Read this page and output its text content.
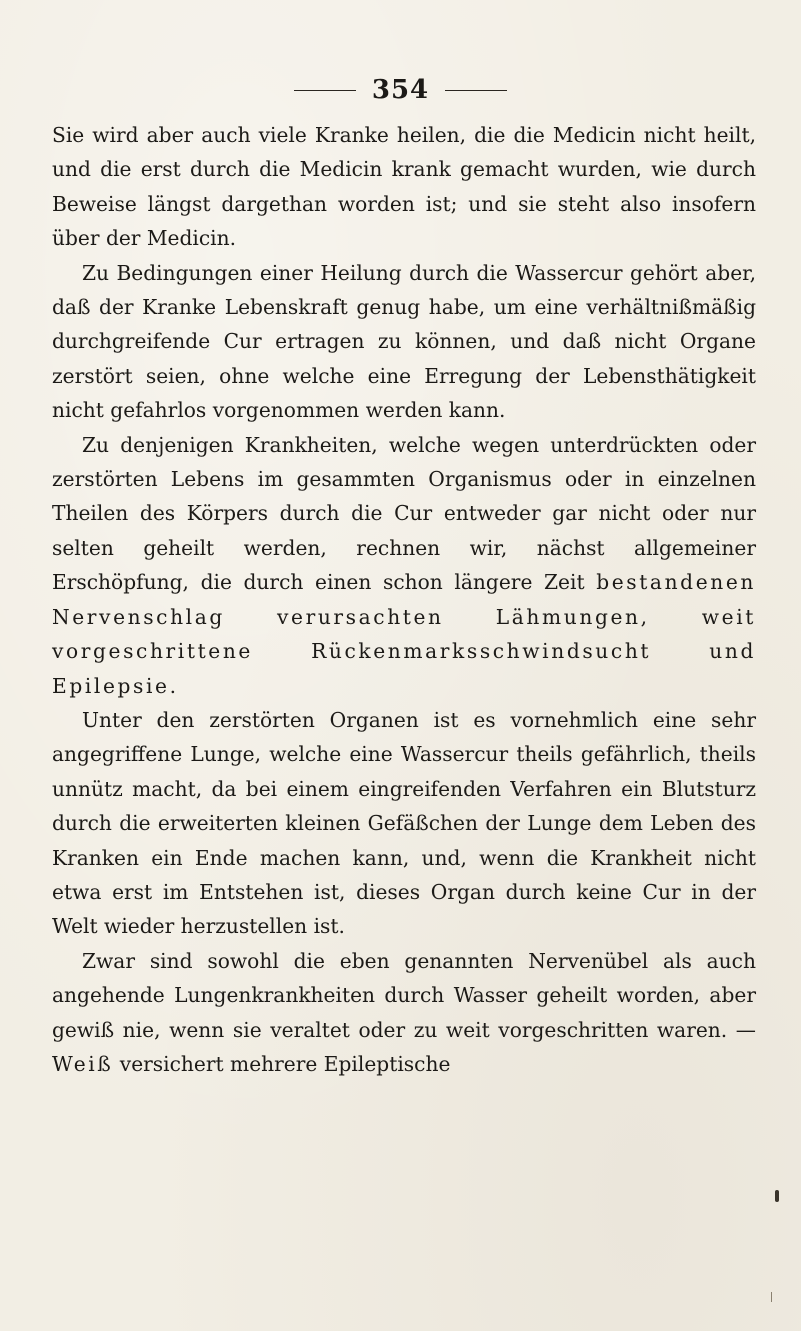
354

Sie wird aber auch viele Kranke heilen, die die Medicin nicht heilt, und die erst durch die Medicin krank gemacht wurden, wie durch Beweise längst dargethan worden ist; und sie steht also insofern über der Medicin.

Zu Bedingungen einer Heilung durch die Wassercur gehört aber, daß der Kranke Lebenskraft genug habe, um eine verhältnißmäßig durchgreifende Cur ertragen zu können, und daß nicht Organe zerstört seien, ohne welche eine Erregung der Lebensthätigkeit nicht gefahrlos vorgenommen werden kann.

Zu denjenigen Krankheiten, welche wegen unterdrückten oder zerstörten Lebens im gesammten Organismus oder in einzelnen Theilen des Körpers durch die Cur entweder gar nicht oder nur selten geheilt werden, rechnen wir, nächst allgemeiner Erschöpfung, die durch einen schon längere Zeit bestandenen Nervenschlag verursachten Lähmungen, weit vorgeschrittene Rückenmarksschwindsucht und Epilepsie.

Unter den zerstörten Organen ist es vornehmlich eine sehr angegriffene Lunge, welche eine Wassercur theils gefährlich, theils unnütz macht, da bei einem eingreifenden Verfahren ein Blutsturz durch die erweiterten kleinen Gefäßchen der Lunge dem Leben des Kranken ein Ende machen kann, und, wenn die Krankheit nicht etwa erst im Entstehen ist, dieses Organ durch keine Cur in der Welt wieder herzustellen ist.

Zwar sind sowohl die eben genannten Nervenübel als auch angehende Lungenkrankheiten durch Wasser geheilt worden, aber gewiß nie, wenn sie veraltet oder zu weit vorgeschritten waren. — Weiß versichert mehrere Epileptische
